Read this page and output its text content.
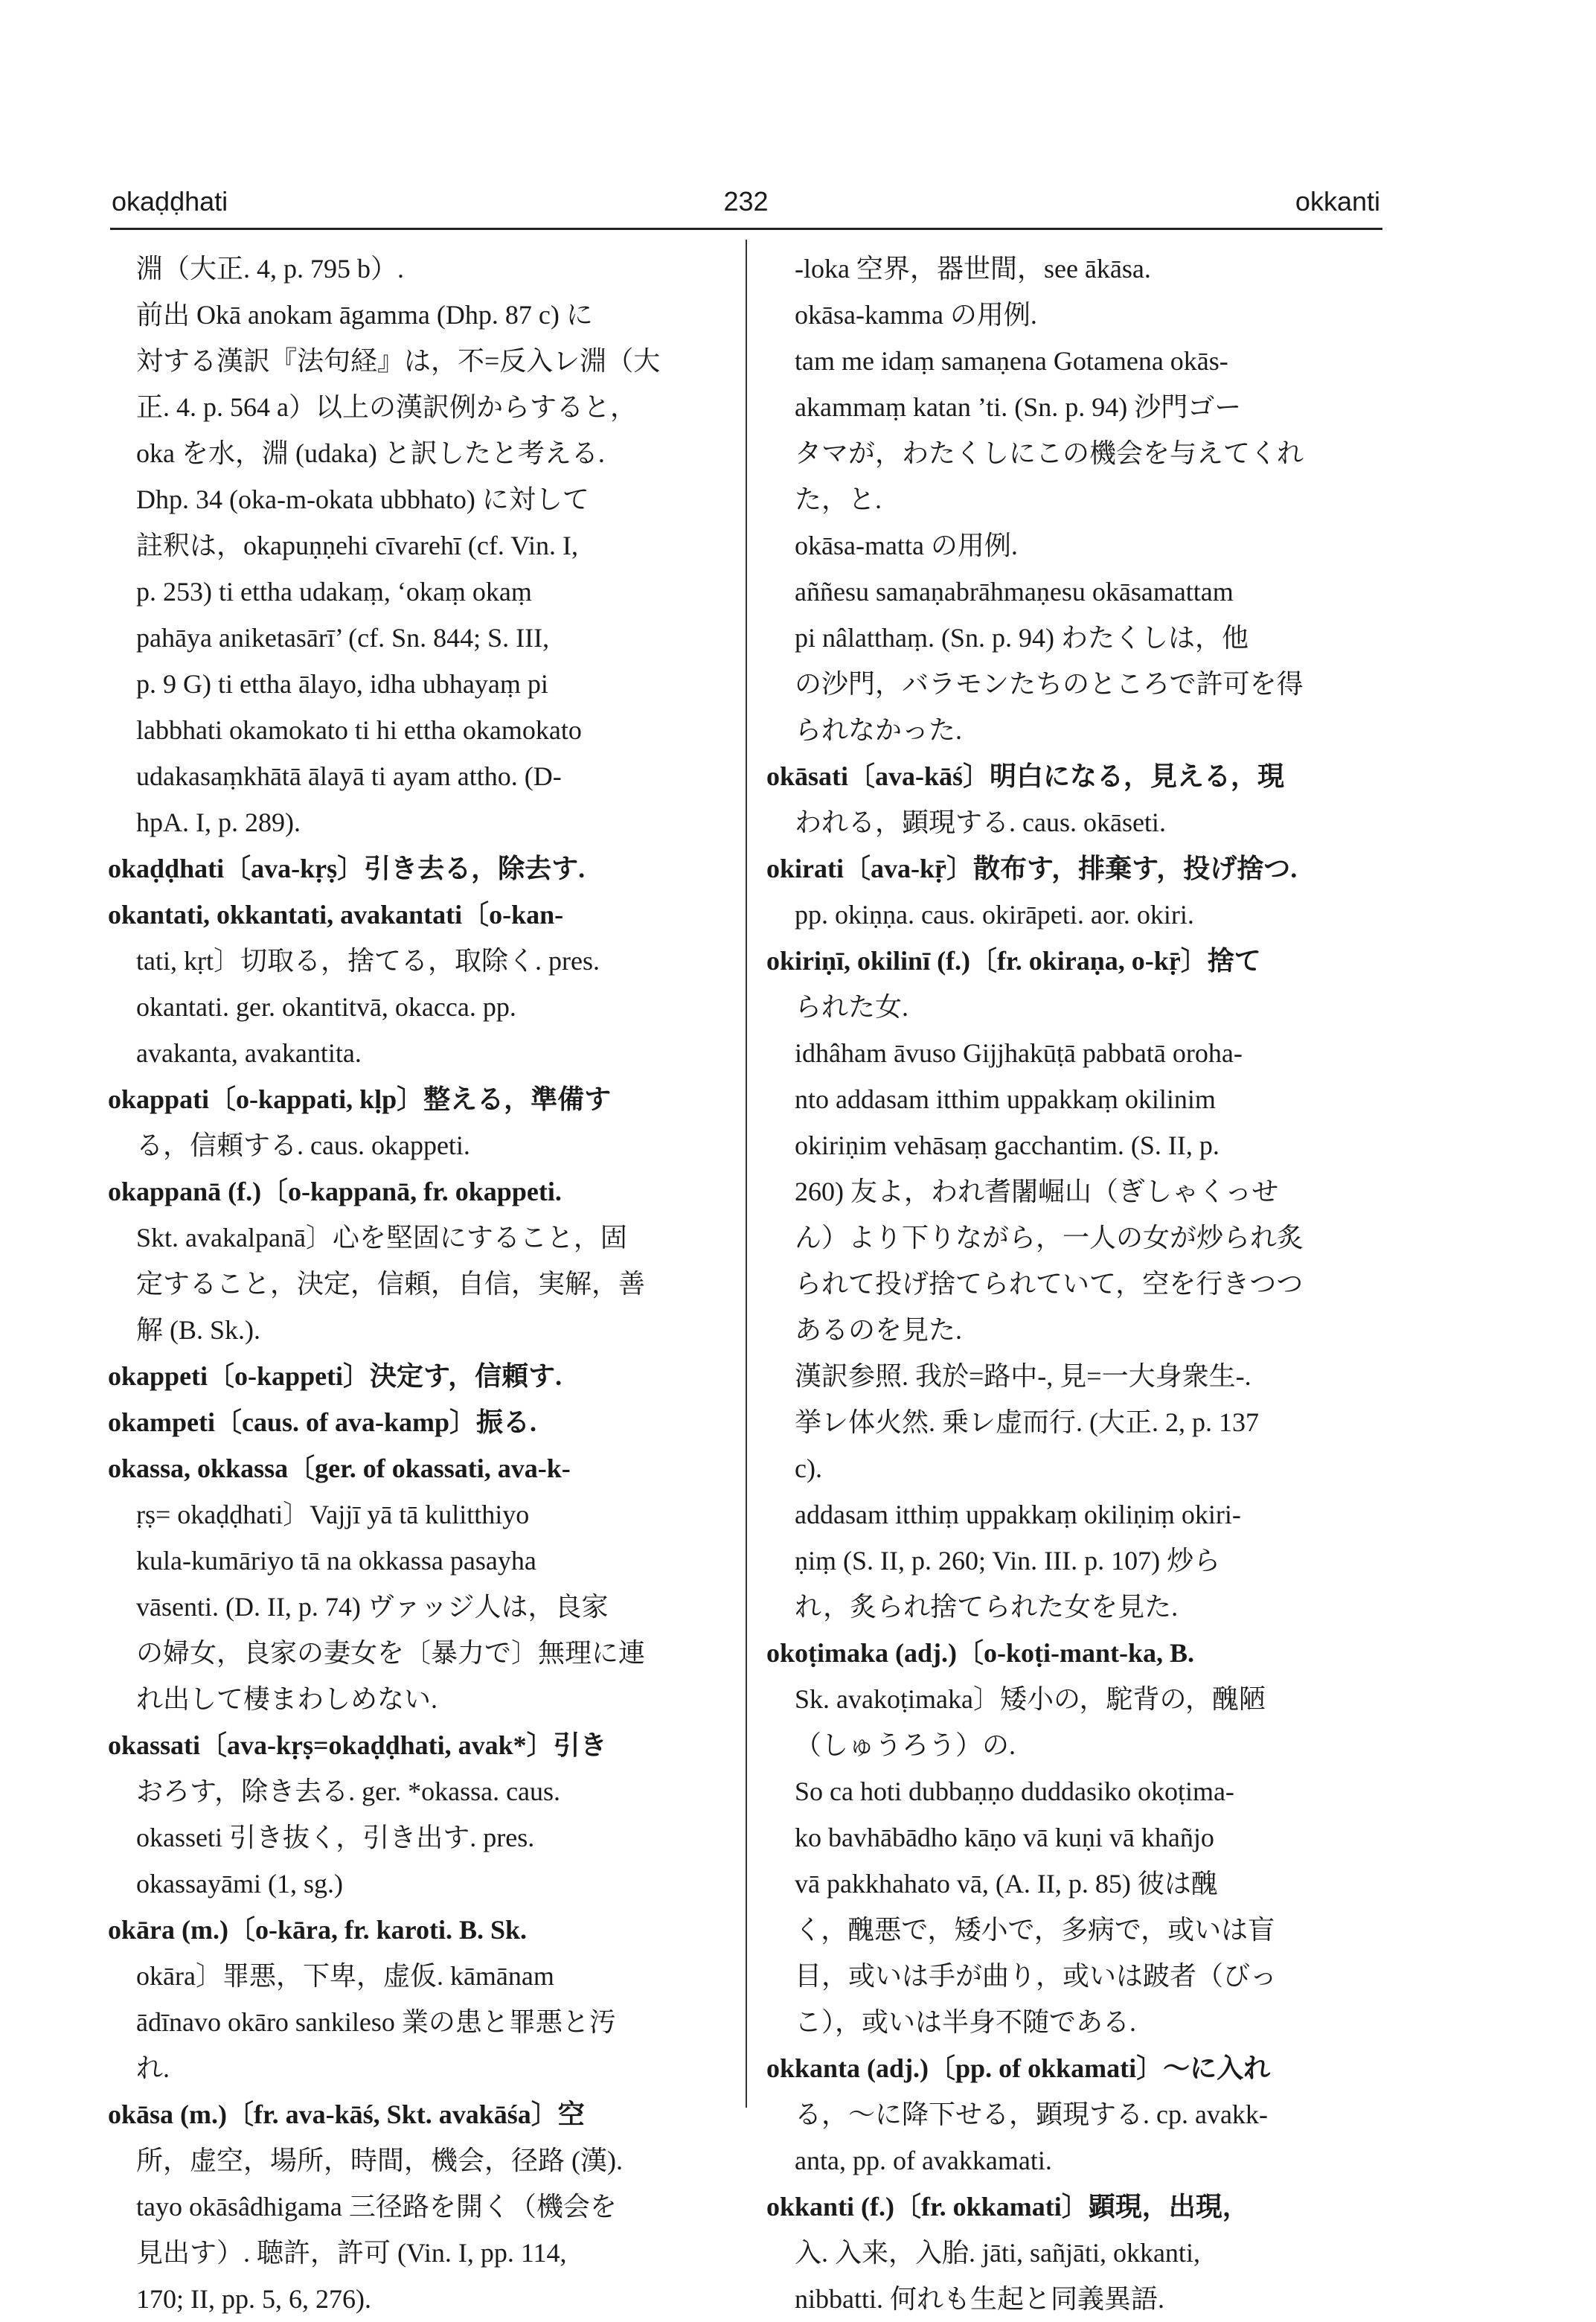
okaḍḍhati	232	okkanti
淵（大正. 4, p. 795 b）.
前出 Okā anokam āgamma (Dhp. 87 c) に
対する漢訳『法句経』は，不=反入レ淵（大
正. 4. p. 564 a）以上の漢訳例からすると，
oka を水，淵 (udaka) と訳したと考える.
Dhp. 34 (oka-m-okata ubbhato) に対して
註釈は，okapuṇṇehi cīvarehī (cf. Vin. I,
p. 253) ti ettha udakaṃ, ‘okaṃ okaṃ
pahāya aniketasārī’ (cf. Sn. 844; S. III,
p. 9 G) ti ettha ālayo, idha ubhayaṃ pi
labbhati okamokato ti hi ettha okamokato
udakasaṃkhātā ālayā ti ayam attho. (D-
hpA. I, p. 289).
okaḍḍhati〔ava-kṛṣ〕引き去る，除去す.
okantati, okkantati, avakantati〔o-kan-
tati, kṛt〕切取る，捨てる，取除く. pres.
okantati. ger. okantitvā, okacca. pp.
avakanta, avakantita.
okappati〔o-kappati, kḷp〕整える，準備す
る，信頼する. caus. okappeti.
okappanā (f.)〔o-kappanā, fr. okappeti.
Skt. avakalpanā〕心を堅固にすること，固
定すること，決定，信頼，自信，実解，善
解 (B. Sk.).
okappeti〔o-kappeti〕決定す，信頼す.
okampeti〔caus. of ava-kamp〕振る.
okassa, okkassa〔ger. of okassati, ava-k-
ṛṣ= okaḍḍhati〕Vajjī yā tā kulitthiyo
kula-kumāriyo tā na okkassa pasayha
vāsenti. (D. II, p. 74) ヴァッジ人は，良家
の婦女，良家の妻女を〔暴力で〕無理に連
れ出して棲まわしめない.
okassati〔ava-kṛṣ=okaḍḍhati, avak*〕引き
おろす，除き去る. ger. *okassa. caus.
okasseti 引き抜く，引き出す. pres.
okassayāmi (1, sg.)
okāra (m.)〔o-kāra, fr. karoti. B. Sk.
okāra〕罪悪，下卑，虚仮. kāmānam
ādīnavo okāro sankileso 業の患と罪悪と汚
れ.
okāsa (m.)〔fr. ava-kāś, Skt. avakāśa〕空
所，虚空，場所，時間，機会，径路 (漢).
tayo okāsâdhigama 三径路を開く（機会を
見出す）. 聴許，許可 (Vin. I, pp. 114,
170; II, pp. 5, 6, 276).
-loka 空界，器世間，see ākāsa.
okāsa-kamma の用例.
tam me idaṃ samaṇena Gotamena okās-
akammaṃ katan ’ti. (Sn. p. 94) 沙門ゴー
タマが，わたくしにこの機会を与えてくれ
た，と.
okāsa-matta の用例.
aññesu samaṇabrāhmaṇesu okāsamattam
pi nâlatthaṃ. (Sn. p. 94) わたくしは，他
の沙門，バラモンたちのところで許可を得
られなかった.
okāsati〔ava-kāś〕明白になる，見える，現
われる，顕現する. caus. okāseti.
okirati〔ava-kṝ〕散布す，排棄す，投げ捨つ.
pp. okiṇṇa. caus. okirāpeti. aor. okiri.
okiriṇī, okilinī (f.)〔fr. okiraṇa, o-kṝ〕捨て
られた女.
idhâham āvuso Gijjhakūṭā pabbatā oroha-
nto addasam itthim uppakkaṃ okilinim
okiriṇim vehāsaṃ gacchantim. (S. II, p.
260) 友よ，われ耆闍崛山（ぎしゃくっせ
ん）より下りながら，一人の女が炒られ炙
られて投げ捨てられていて，空を行きつつ
あるのを見た.
漢訳参照. 我於=路中-, 見=一大身衆生-.
挙レ体火然. 乗レ虚而行. (大正. 2, p. 137
c).
addasam itthiṃ uppakkaṃ okiliṇiṃ okiri-
ṇiṃ (S. II, p. 260; Vin. III. p. 107) 炒ら
れ，炙られ捨てられた女を見た.
okoṭimaka (adj.)〔o-koṭi-mant-ka, B.
Sk. avakoṭimaka〕矮小の，駝背の，醜陋
（しゅうろう）の.
So ca hoti dubbaṇṇo duddasiko okoṭima-
ko bavhābādho kāṇo vā kuṇi vā khañjo
vā pakkhahato vā, (A. II, p. 85) 彼は醜
く，醜悪で，矮小で，多病で，或いは盲
目，或いは手が曲り，或いは跛者（びっ
こ），或いは半身不随である.
okkanta (adj.)〔pp. of okkamati〕～に入れ
る，～に降下せる，顕現する. cp. avakk-
anta, pp. of avakkamati.
okkanti (f.)〔fr. okkamati〕顕現，出現，
入. 入来，入胎. jāti, sañjāti, okkanti,
nibbatti. 何れも生起と同義異語.
